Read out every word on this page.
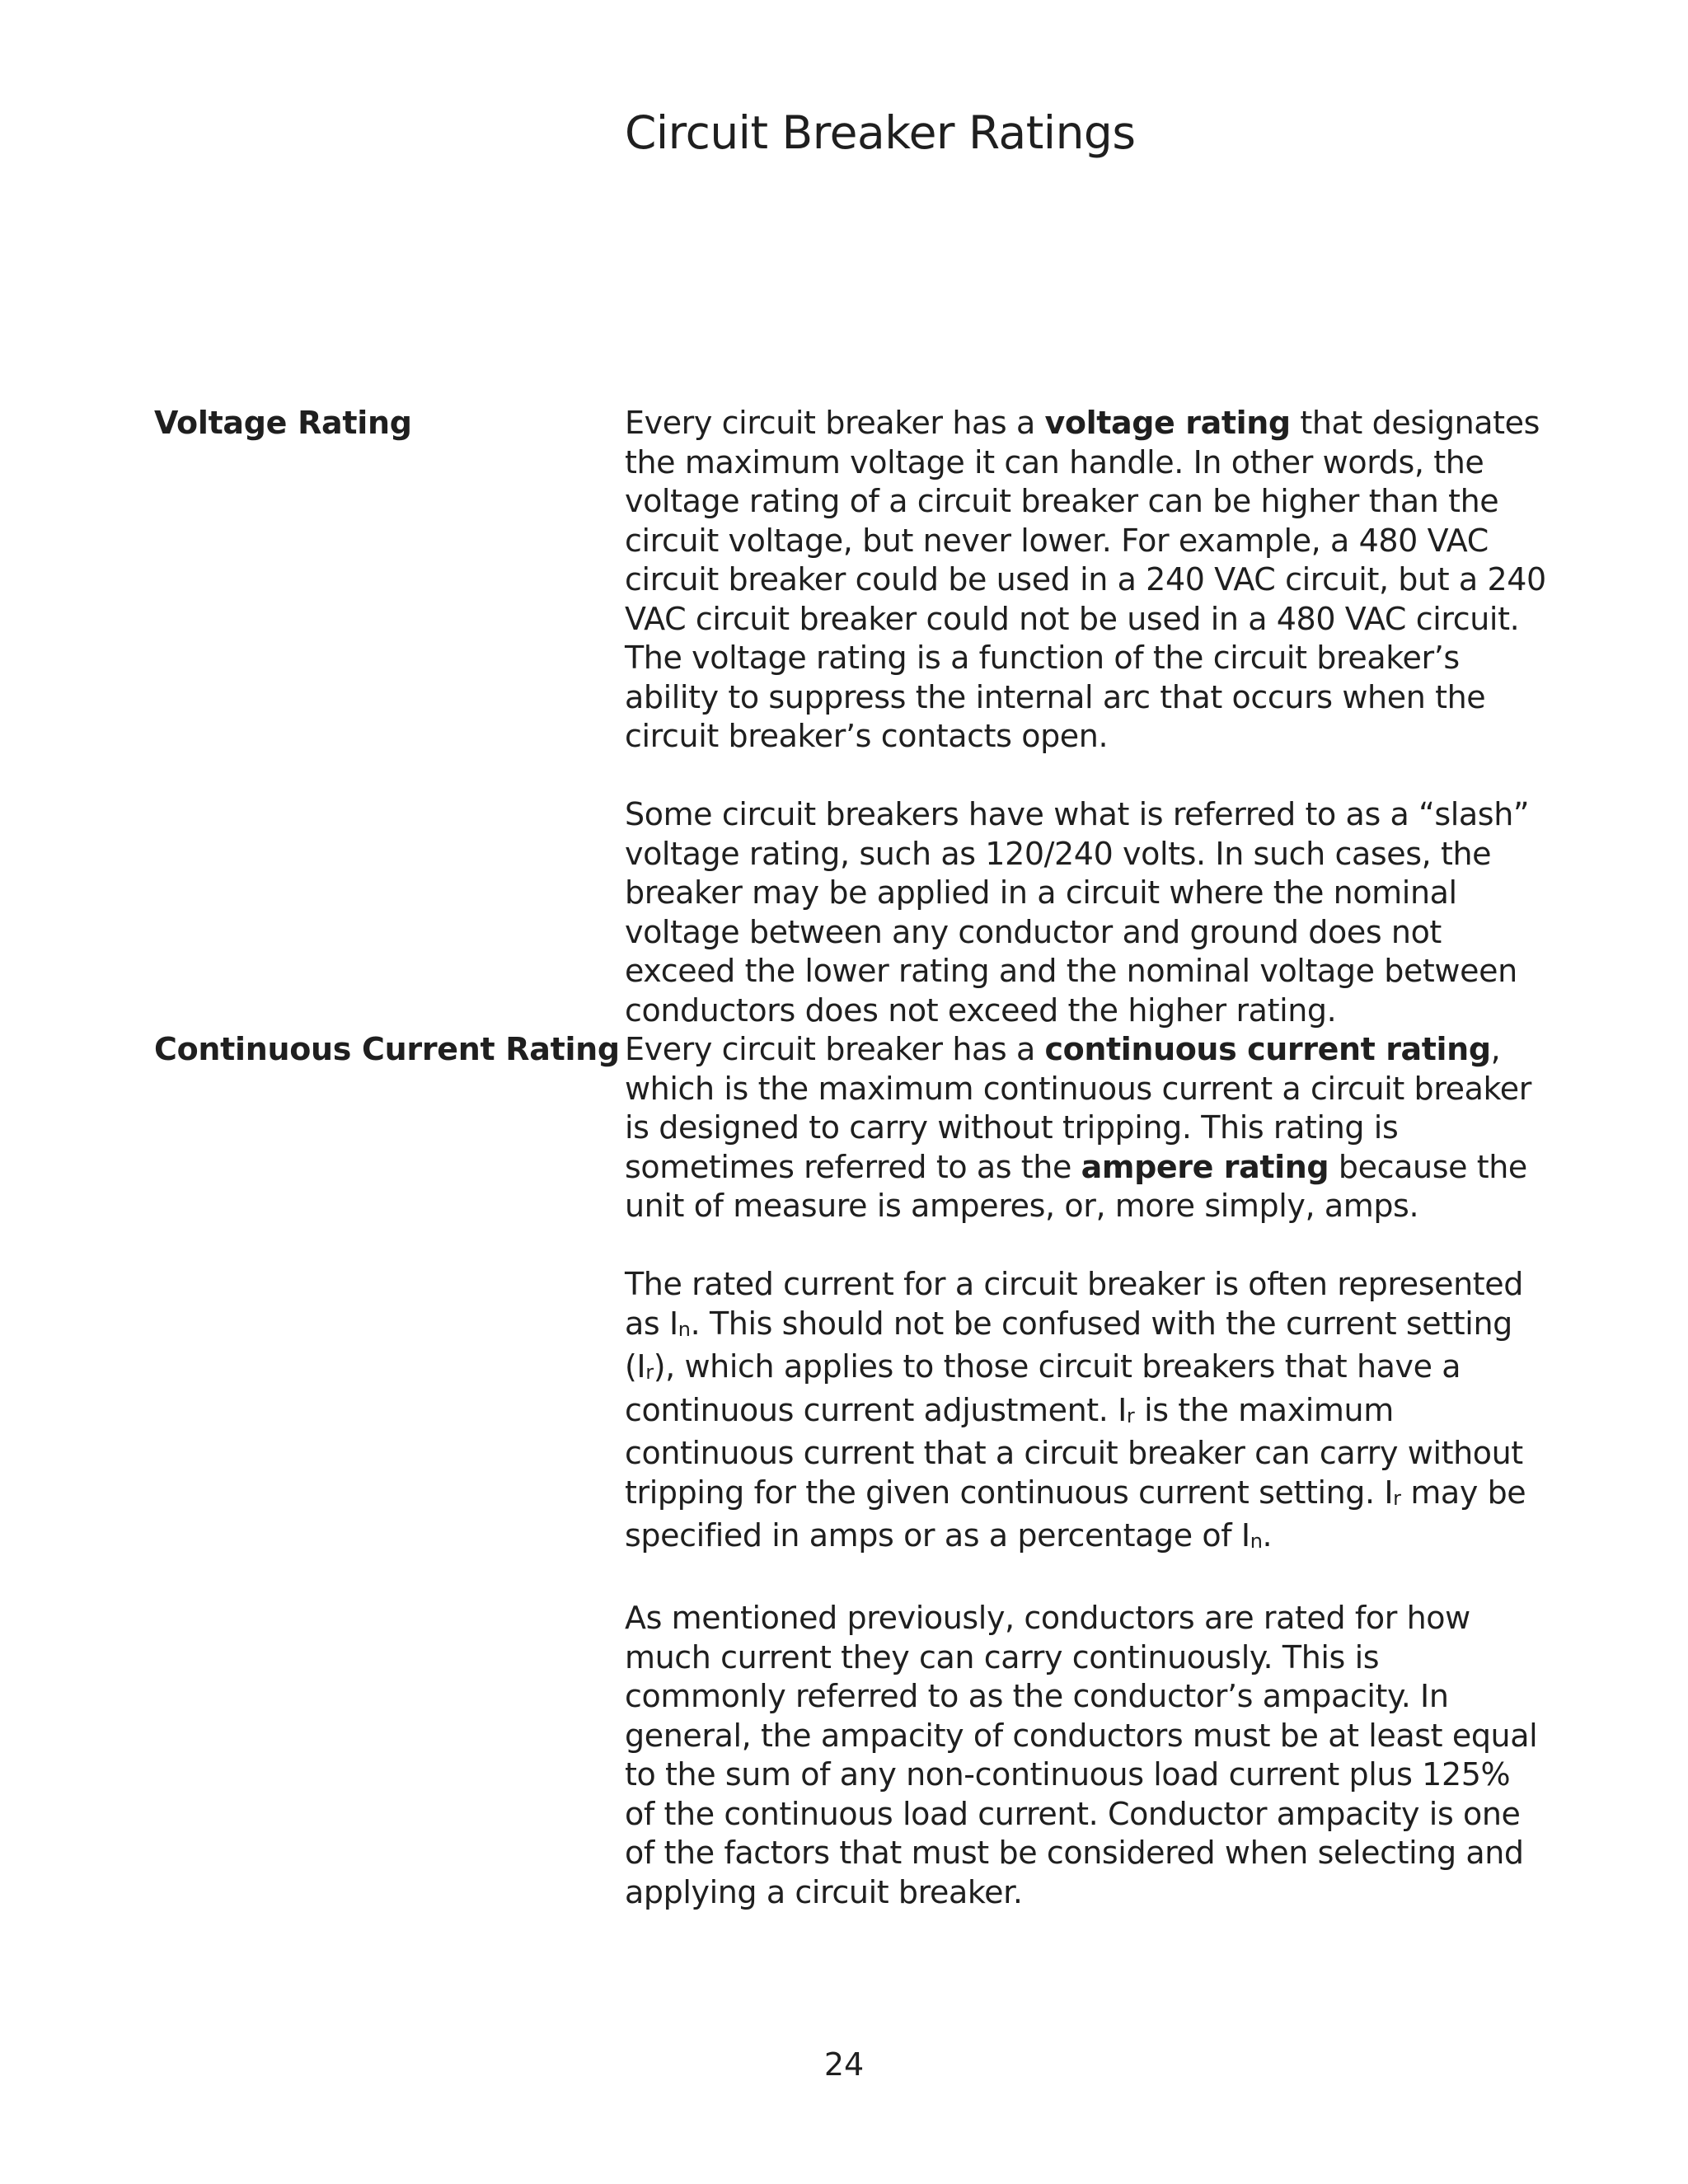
Circuit Breaker Ratings
Voltage Rating	Every circuit breaker has a voltage rating that designates the maximum voltage it can handle. In other words, the voltage rating of a circuit breaker can be higher than the circuit voltage, but never lower. For example, a 480 VAC circuit breaker could be used in a 240 VAC circuit, but a 240 VAC circuit breaker could not be used in a 480 VAC circuit. The voltage rating is a function of the circuit breaker’s ability to suppress the internal arc that occurs when the circuit breaker’s contacts open.

Some circuit breakers have what is referred to as a “slash” voltage rating, such as 120/240 volts. In such cases, the breaker may be applied in a circuit where the nominal voltage between any conductor and ground does not exceed the lower rating and the nominal voltage between conductors does not exceed the higher rating.

Continuous Current Rating Every circuit breaker has a continuous current rating, which is the maximum continuous current a circuit breaker is designed to carry without tripping. This rating is sometimes referred to as the ampere rating because the unit of measure is amperes, or, more simply, amps.

The rated current for a circuit breaker is often represented as $I_n$. This should not be confused with the current setting $(I_r)$, which applies to those circuit breakers that have a continuous current adjustment. $I_r$ is the maximum continuous current that a circuit breaker can carry without tripping for the given continuous current setting. $I_r$ may be specified in amps or as a percentage of $I_n$.

As mentioned previously, conductors are rated for how much current they can carry continuously. This is commonly referred to as the conductor’s ampacity. In general, the ampacity of conductors must be at least equal to the sum of any non-continuous load current plus 125% of the continuous load current. Conductor ampacity is one of the factors that must be considered when selecting and applying a circuit breaker.

24
